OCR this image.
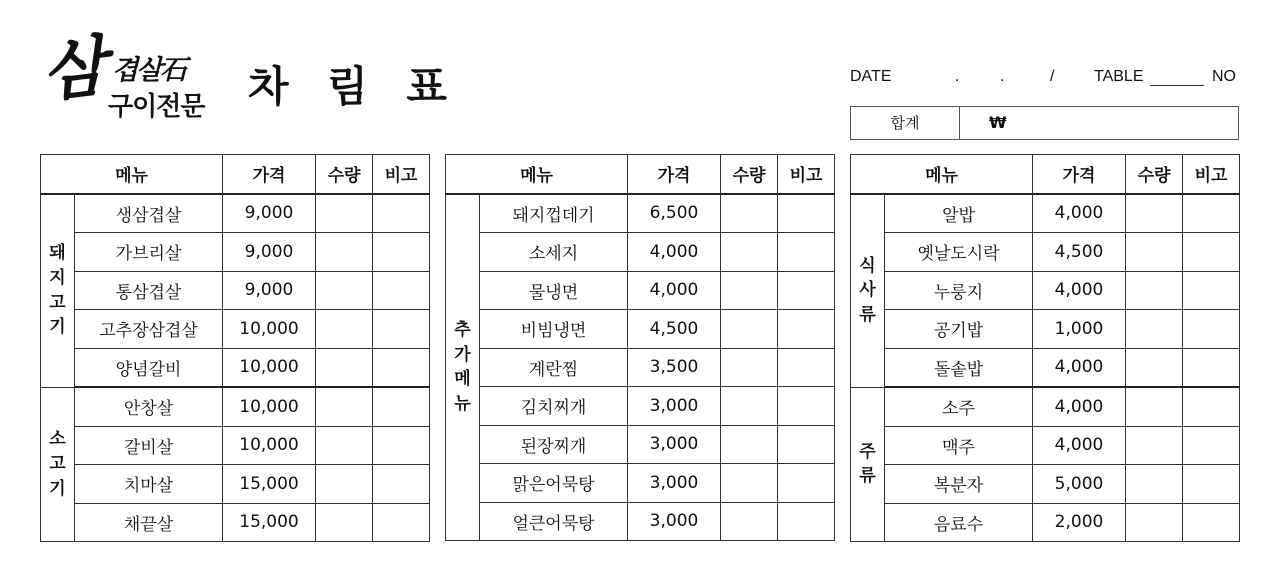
삼 겹살石
구이전문 차 림 표	DATE	.	.	/ TABLE	NO
합계	₩
메뉴		가격	수량	비고
돼지고기	생삼겹살	9,000		
	가브리살	9,000		
	통삼겹살	9,000		
	고추장삼겹살	10,000		
	양념갈비	10,000		
소고기	안창살	10,000		
	갈비살	10,000		
	치마살	15,000		
	채끝살	15,000		
메뉴		가격	수량	비고
추가메뉴	돼지껍데기	6,500		
	소세지	4,000		
	물냉면	4,000		
	비빔냉면	4,500		
	계란찜	3,500		
	김치찌개	3,000		
	된장찌개	3,000		
	맑은어묵탕	3,000		
	얼큰어묵탕	3,000		
메뉴		가격	수량	비고
식사류	알밥	4,000		
	옛날도시락	4,500		
	누룽지	4,000		
	공기밥	1,000		
	돌솥밥	4,000		
주류	소주	4,000		
	맥주	4,000		
	복분자	5,000		
	음료수	2,000		
